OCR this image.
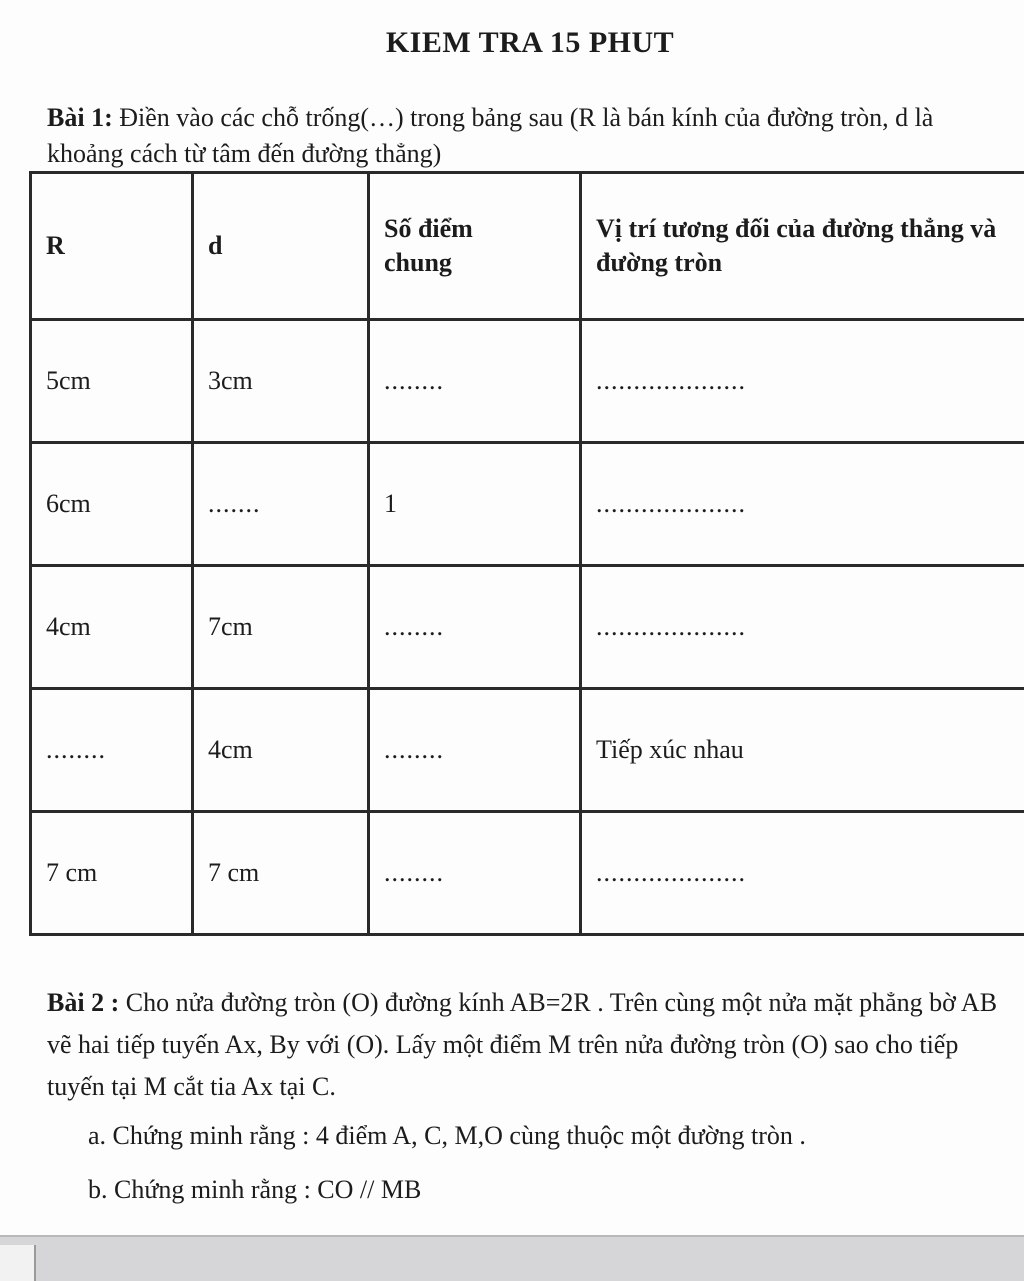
KIEM TRA 15 PHUT
Bài 1: Điền vào các chỗ trống(…) trong bảng sau (R là bán kính của đường tròn, d là khoảng cách từ tâm đến đường thẳng)
R	d	Số điểm chung	Vị trí tương đối của đường thẳng và đường tròn
5cm	3cm	........	....................
6cm	.......	1	....................
4cm	7cm	........	....................
........	4cm	........	Tiếp xúc nhau
7 cm	7 cm	........	....................
Bài 2 : Cho nửa đường tròn (O) đường kính AB=2R . Trên cùng một nửa mặt phẳng bờ AB vẽ hai tiếp tuyến Ax, By với (O). Lấy một điểm M trên nửa đường tròn (O) sao cho tiếp tuyến tại M cắt tia Ax tại C.
a. Chứng minh rằng : 4 điểm A, C, M,O cùng thuộc một đường tròn .
b. Chứng minh rằng : CO // MB
